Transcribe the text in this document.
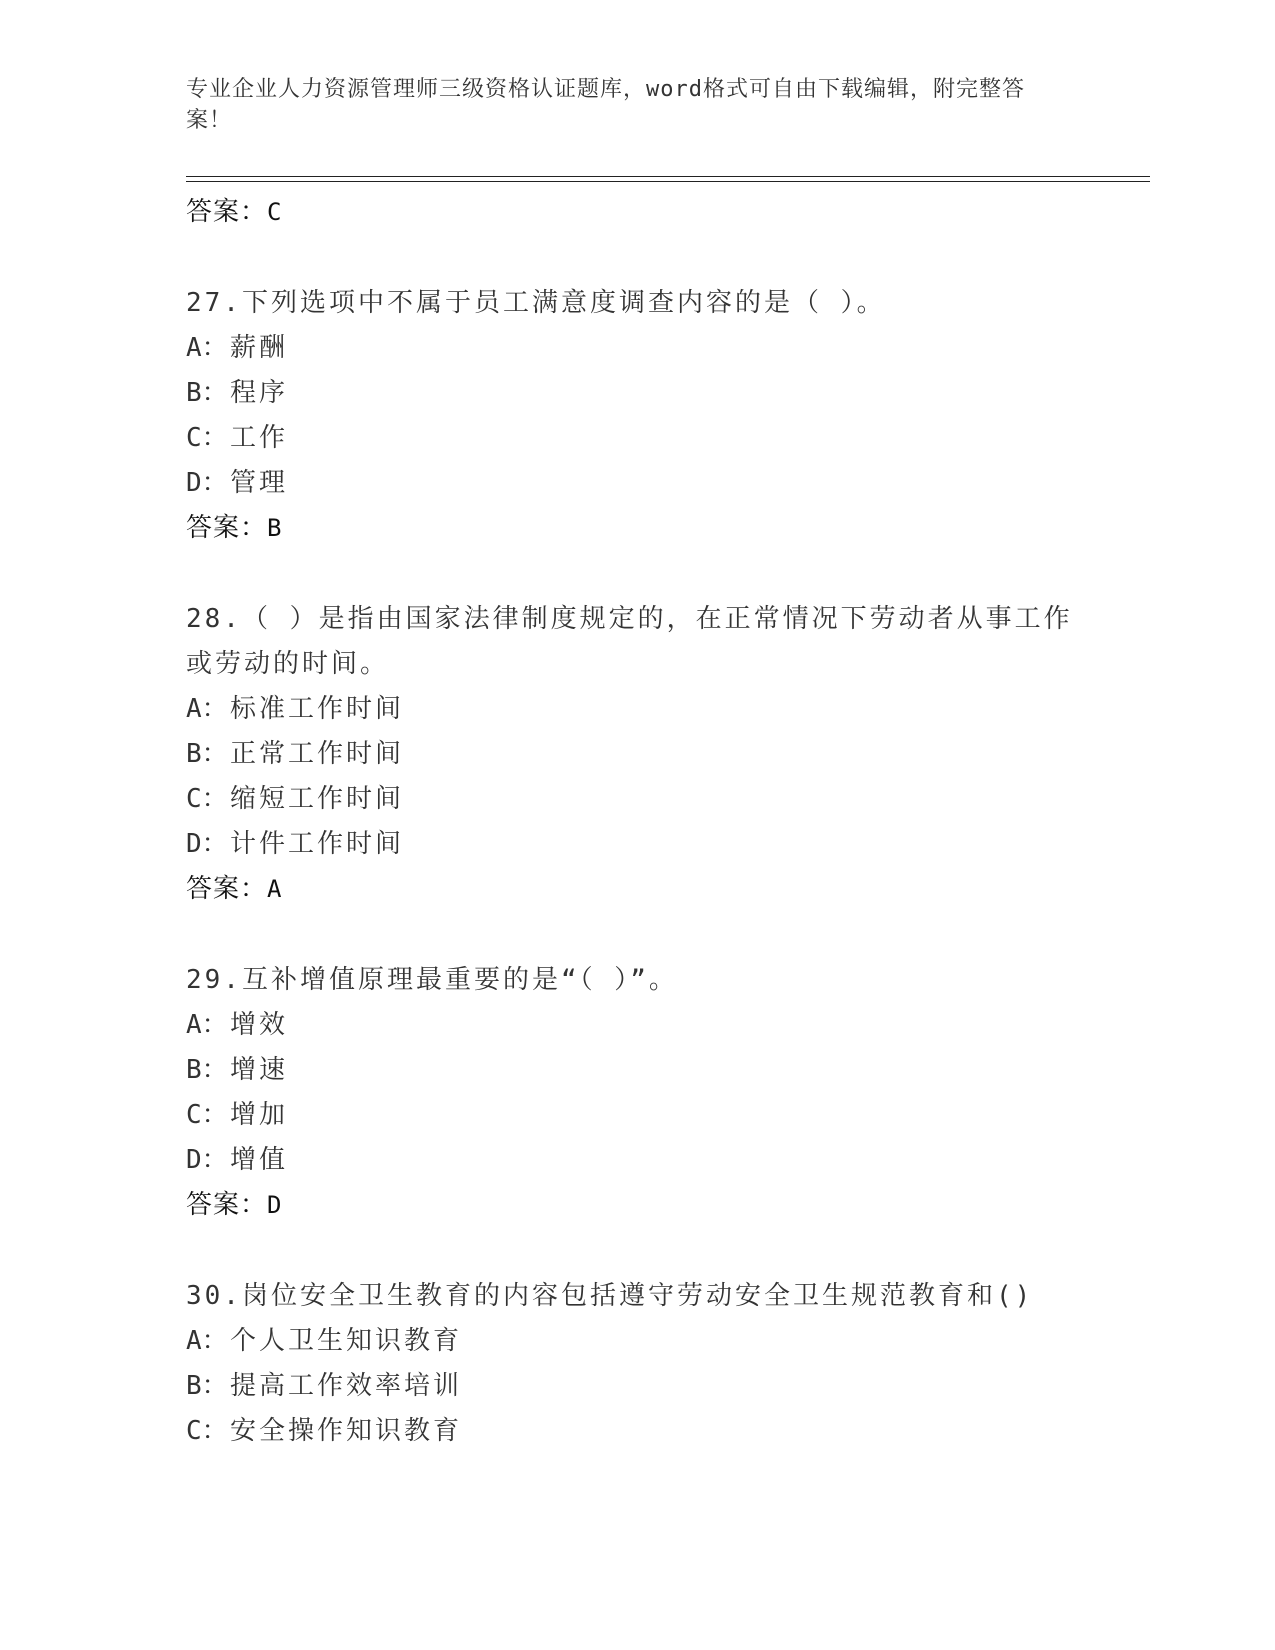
专业企业人力资源管理师三级资格认证题库，word格式可自由下载编辑，附完整答案！
答案：C
27.下列选项中不属于员工满意度调查内容的是（ ）。
A：薪酬
B：程序
C：工作
D：管理
答案：B
28.（ ）是指由国家法律制度规定的，在正常情况下劳动者从事工作或劳动的时间。
A：标准工作时间
B：正常工作时间
C：缩短工作时间
D：计件工作时间
答案：A
29.互补增值原理最重要的是“（ ）”。
A：增效
B：增速
C：增加
D：增值
答案：D
30.岗位安全卫生教育的内容包括遵守劳动安全卫生规范教育和()
A：个人卫生知识教育
B：提高工作效率培训
C：安全操作知识教育
